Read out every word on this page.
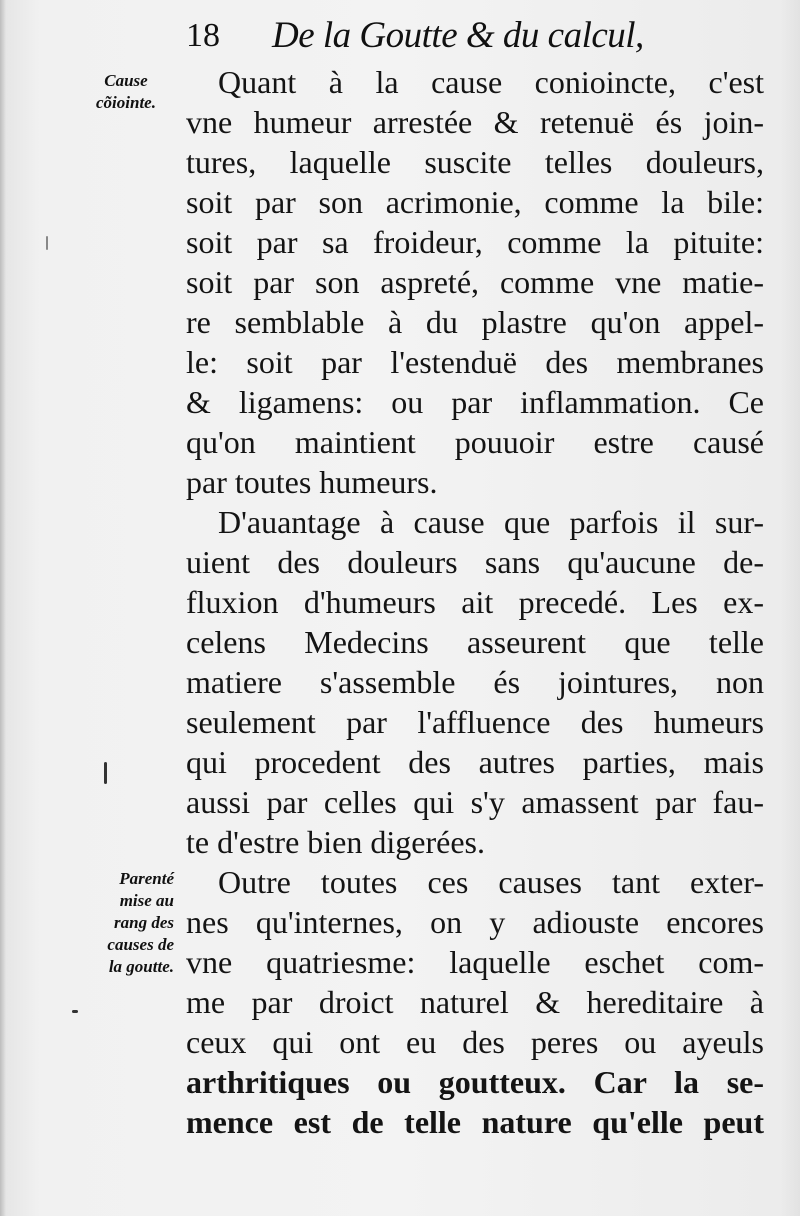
18 De la Goutte & du calcul,
Cause
cõiointe.
Parenté
mise au
rang des
causes de
la goutte.
Quant à la cause conioincte, c'est
vne humeur arrestée & retenuë és join-
tures, laquelle suscite telles douleurs,
soit par son acrimonie, comme la bile:
soit par sa froideur, comme la pituite:
soit par son aspreté, comme vne matie-
re semblable à du plastre qu'on appel-
le: soit par l'estenduë des membranes
& ligamens: ou par inflammation. Ce
qu'on maintient pouuoir estre causé
par toutes humeurs.
D'auantage à cause que parfois il sur-
uient des douleurs sans qu'aucune de-
fluxion d'humeurs ait precedé. Les ex-
celens Medecins asseurent que telle
matiere s'assemble és jointures, non
seulement par l'affluence des humeurs
qui procedent des autres parties, mais
aussi par celles qui s'y amassent par fau-
te d'estre bien digerées.
Outre toutes ces causes tant exter-
nes qu'internes, on y adiouste encores
vne quatriesme: laquelle eschet com-
me par droict naturel & hereditaire à
ceux qui ont eu des peres ou ayeuls
arthritiques ou goutteux. Car la se-
mence est de telle nature qu'elle peut
